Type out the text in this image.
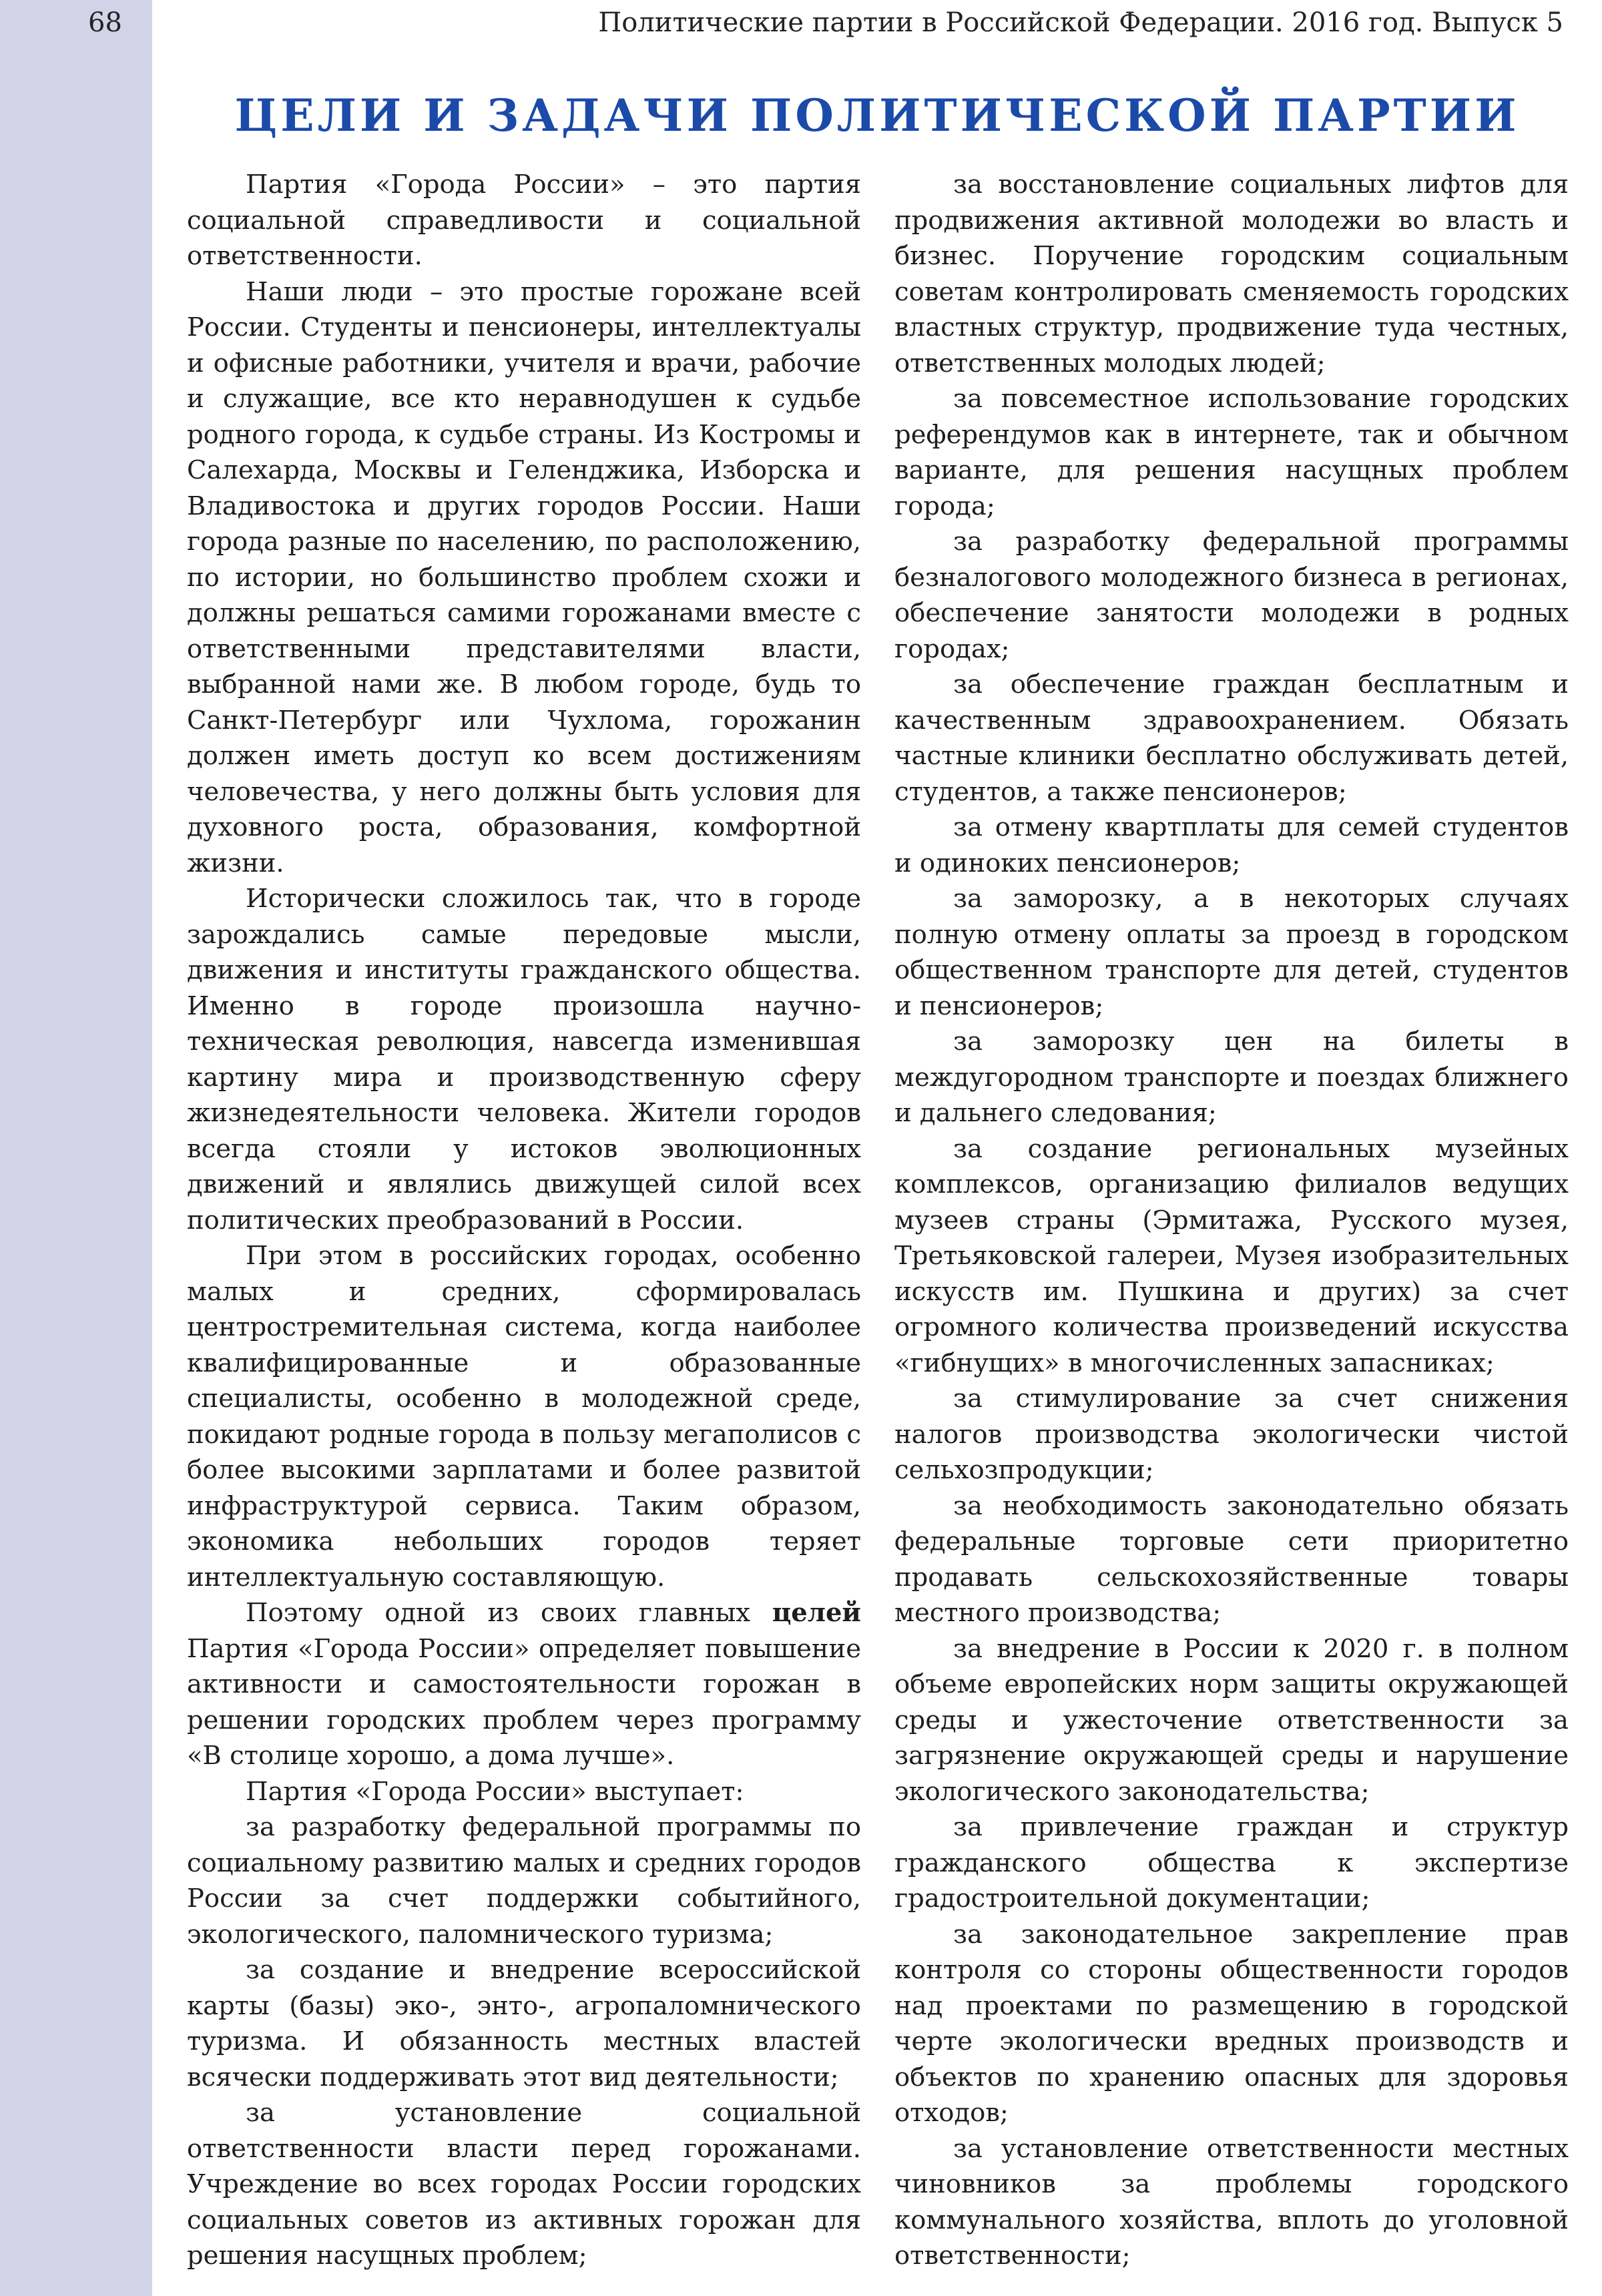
68	Политические партии в Российской Федерации. 2016 год. Выпуск 5
ЦЕЛИ И ЗАДАЧИ ПОЛИТИЧЕСКОЙ ПАРТИИ

Партия «Города России» – это партия социальной справедливости и социальной ответственности.

Наши люди – это простые горожане всей России. Студенты и пенсионеры, интеллектуалы и офисные работники, учителя и врачи, рабочие и служащие, все кто неравнодушен к судьбе родного города, к судьбе страны. Из Костромы и Салехарда, Москвы и Геленджика, Изборска и Владивостока и других городов России. Наши города разные по населению, по расположению, по истории, но большинство проблем схожи и должны решаться самими горожанами вместе с ответственными представителями власти, выбранной нами же. В любом городе, будь то Санкт-Петербург или Чухлома, горожанин должен иметь доступ ко всем достижениям человечества, у него должны быть условия для духовного роста, образования, комфортной жизни.

Исторически сложилось так, что в городе зарождались самые передовые мысли, движения и институты гражданского общества. Именно в городе произошла научно-техническая революция, навсегда изменившая картину мира и производственную сферу жизнедеятельности человека. Жители городов всегда стояли у истоков эволюционных движений и являлись движущей силой всех политических преобразований в России.

При этом в российских городах, особенно малых и средних, сформировалась центростремительная система, когда наиболее квалифицированные и образованные специалисты, особенно в молодежной среде, покидают родные города в пользу мегаполисов с более высокими зарплатами и более развитой инфраструктурой сервиса. Таким образом, экономика небольших городов теряет интеллектуальную составляющую.

Поэтому одной из своих главных целей Партия «Города России» определяет повышение активности и самостоятельности горожан в решении городских проблем через программу «В столице хорошо, а дома лучше».

Партия «Города России» выступает:

за разработку федеральной программы по социальному развитию малых и средних городов России за счет поддержки событийного, экологического, паломнического туризма;

за создание и внедрение всероссийской карты (базы) эко-, энто-, агропаломнического туризма. И обязанность местных властей всячески поддерживать этот вид деятельности;

за установление социальной ответственности власти перед горожанами. Учреждение во всех городах России городских социальных советов из активных горожан для решения насущных проблем;

за восстановление социальных лифтов для продвижения активной молодежи во власть и бизнес. Поручение городским социальным советам контролировать сменяемость городских властных структур, продвижение туда честных, ответственных молодых людей;

за повсеместное использование городских референдумов как в интернете, так и обычном варианте, для решения насущных проблем города;

за разработку федеральной программы безналогового молодежного бизнеса в регионах, обеспечение занятости молодежи в родных городах;

за обеспечение граждан бесплатным и качественным здравоохранением. Обязать частные клиники бесплатно обслуживать детей, студентов, а также пенсионеров;

за отмену квартплаты для семей студентов и одиноких пенсионеров;

за заморозку, а в некоторых случаях полную отмену оплаты за проезд в городском общественном транспорте для детей, студентов и пенсионеров;

за заморозку цен на билеты в междугородном транспорте и поездах ближнего и дальнего следования;

за создание региональных музейных комплексов, организацию филиалов ведущих музеев страны (Эрмитажа, Русского музея, Третьяковской галереи, Музея изобразительных искусств им. Пушкина и других) за счет огромного количества произведений искусства «гибнущих» в многочисленных запасниках;

за стимулирование за счет снижения налогов производства экологически чистой сельхозпродукции;

за необходимость законодательно обязать федеральные торговые сети приоритетно продавать сельскохозяйственные товары местного производства;

за внедрение в России к 2020 г. в полном объеме европейских норм защиты окружающей среды и ужесточение ответственности за загрязнение окружающей среды и нарушение экологического законодательства;

за привлечение граждан и структур гражданского общества к экспертизе градостроительной документации;

за законодательное закрепление прав контроля со стороны общественности городов над проектами по размещению в городской черте экологически вредных производств и объектов по хранению опасных для здоровья отходов;

за установление ответственности местных чиновников за проблемы городского коммунального хозяйства, вплоть до уголовной ответственности;
